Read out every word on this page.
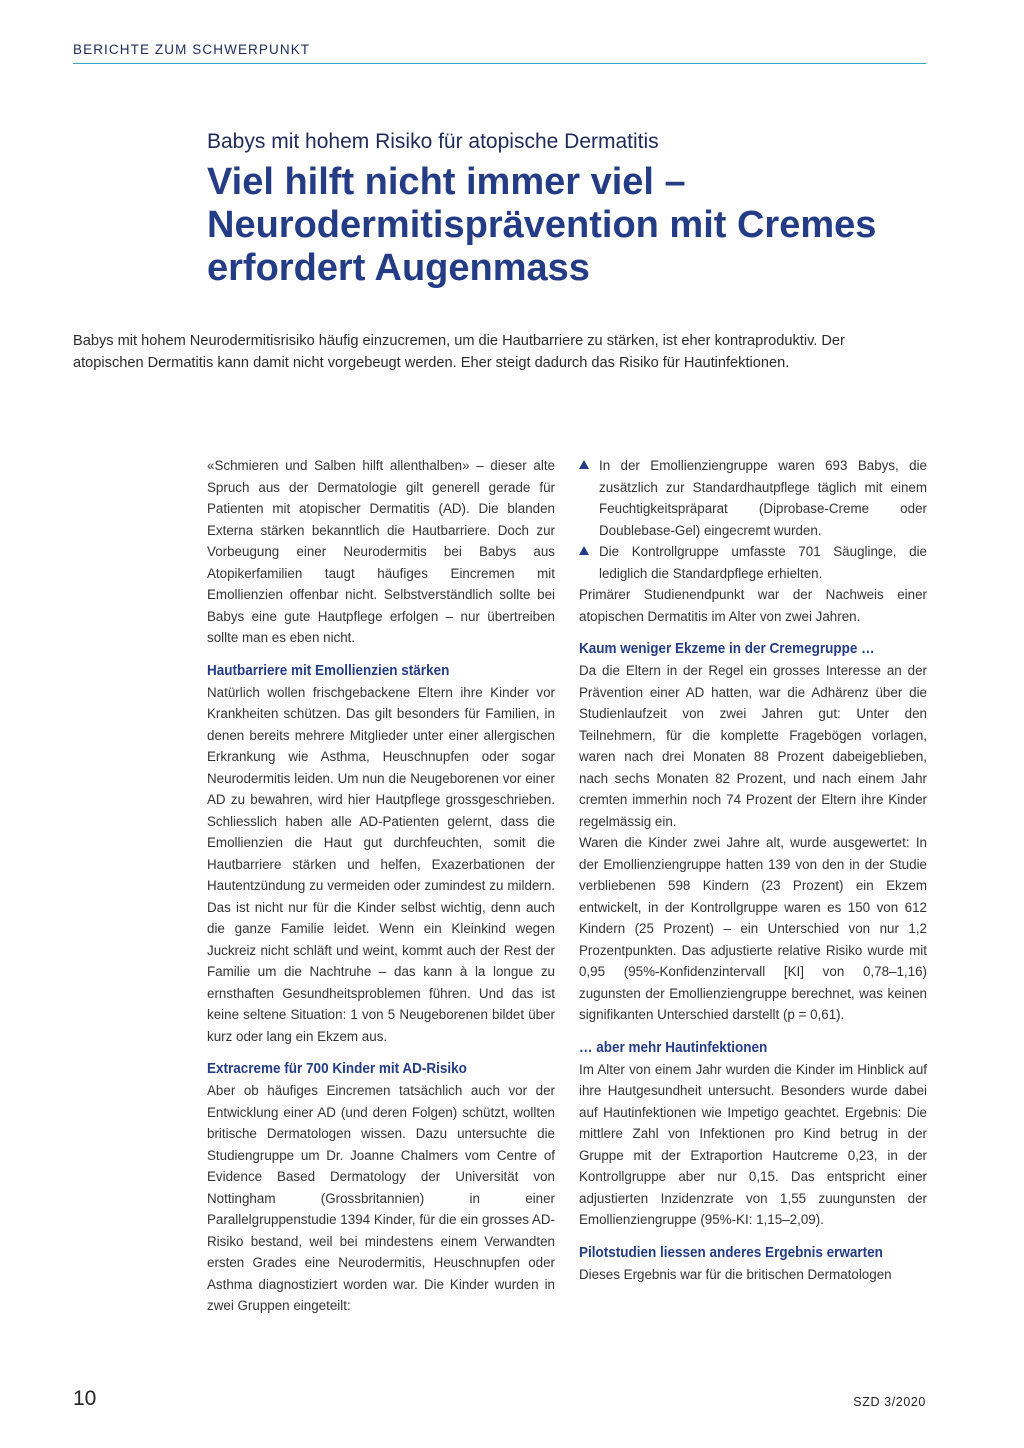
BERICHTE ZUM SCHWERPUNKT
Babys mit hohem Risiko für atopische Dermatitis
Viel hilft nicht immer viel –
Neurodermitisprävention mit Cremes
erfordert Augenmass
Babys mit hohem Neurodermitisrisiko häufig einzucremen, um die Hautbarriere zu stärken, ist eher kontraproduktiv. Der
atopischen Dermatitis kann damit nicht vorgebeugt werden. Eher steigt dadurch das Risiko für Hautinfektionen.

«Schmieren und Salben hilft allenthalben» – dieser alte Spruch aus der Dermatologie gilt generell gerade für Patienten mit atopischer Dermatitis (AD). Die blanden Externa stärken bekanntlich die Hautbarriere. Doch zur Vorbeugung einer Neurodermitis bei Babys aus Atopikerfamilien taugt häufiges Eincremen mit Emollienzien offenbar nicht. Selbstverständlich sollte bei Babys eine gute Hautpflege erfolgen – nur übertreiben sollte man es eben nicht.

Hautbarriere mit Emollienzien stärken

Natürlich wollen frischgebackene Eltern ihre Kinder vor Krankheiten schützen. Das gilt besonders für Familien, in denen bereits mehrere Mitglieder unter einer allergischen Erkrankung wie Asthma, Heuschnupfen oder sogar Neurodermitis leiden. Um nun die Neugeborenen vor einer AD zu bewahren, wird hier Hautpflege grossgeschrieben. Schliesslich haben alle AD-Patienten gelernt, dass die Emollienzien die Haut gut durchfeuchten, somit die Hautbarriere stärken und helfen, Exazerbationen der Hautentzündung zu vermeiden oder zumindest zu mildern. Das ist nicht nur für die Kinder selbst wichtig, denn auch die ganze Familie leidet. Wenn ein Kleinkind wegen Juckreiz nicht schläft und weint, kommt auch der Rest der Familie um die Nachtruhe – das kann à la longue zu ernsthaften Gesundheitsproblemen führen. Und das ist keine seltene Situation: 1 von 5 Neugeborenen bildet über kurz oder lang ein Ekzem aus.

Extracreme für 700 Kinder mit AD-Risiko

Aber ob häufiges Eincremen tatsächlich auch vor der Entwicklung einer AD (und deren Folgen) schützt, wollten britische Dermatologen wissen. Dazu untersuchte die Studiengruppe um Dr. Joanne Chalmers vom Centre of Evidence Based Dermatology der Universität von Nottingham (Grossbritannien) in einer Parallelgruppenstudie 1394 Kinder, für die ein grosses AD-Risiko bestand, weil bei mindestens einem Verwandten ersten Grades eine Neurodermitis, Heuschnupfen oder Asthma diagnostiziert worden war. Die Kinder wurden in zwei Gruppen eingeteilt:

In der Emollienziengruppe waren 693 Babys, die zusätzlich zur Standardhautpflege täglich mit einem Feuchtigkeitspräparat (Diprobase-Creme oder Doublebase-Gel) eingecremt wurden.
Die Kontrollgruppe umfasste 701 Säuglinge, die lediglich die Standardpflege erhielten.

Primärer Studienendpunkt war der Nachweis einer atopischen Dermatitis im Alter von zwei Jahren.

Kaum weniger Ekzeme in der Cremegruppe …

Da die Eltern in der Regel ein grosses Interesse an der Prävention einer AD hatten, war die Adhärenz über die Studienlaufzeit von zwei Jahren gut: Unter den Teilnehmern, für die komplette Fragebögen vorlagen, waren nach drei Monaten 88 Prozent dabeigeblieben, nach sechs Monaten 82 Prozent, und nach einem Jahr cremten immerhin noch 74 Prozent der Eltern ihre Kinder regelmässig ein.

Waren die Kinder zwei Jahre alt, wurde ausgewertet: In der Emollienziengruppe hatten 139 von den in der Studie verbliebenen 598 Kindern (23 Prozent) ein Ekzem entwickelt, in der Kontrollgruppe waren es 150 von 612 Kindern (25 Prozent) – ein Unterschied von nur 1,2 Prozentpunkten. Das adjustierte relative Risiko wurde mit 0,95 (95%-Konfidenzintervall [KI] von 0,78–1,16) zugunsten der Emollienziengruppe berechnet, was keinen signifikanten Unterschied darstellt (p = 0,61).

… aber mehr Hautinfektionen

Im Alter von einem Jahr wurden die Kinder im Hinblick auf ihre Hautgesundheit untersucht. Besonders wurde dabei auf Hautinfektionen wie Impetigo geachtet. Ergebnis: Die mittlere Zahl von Infektionen pro Kind betrug in der Gruppe mit der Extraportion Hautcreme 0,23, in der Kontrollgruppe aber nur 0,15. Das entspricht einer adjustierten Inzidenzrate von 1,55 zuungunsten der Emollienziengruppe (95%-KI: 1,15–2,09).

Pilotstudien liessen anderes Ergebnis erwarten

Dieses Ergebnis war für die britischen Dermatologen

10	SZD 3/2020
